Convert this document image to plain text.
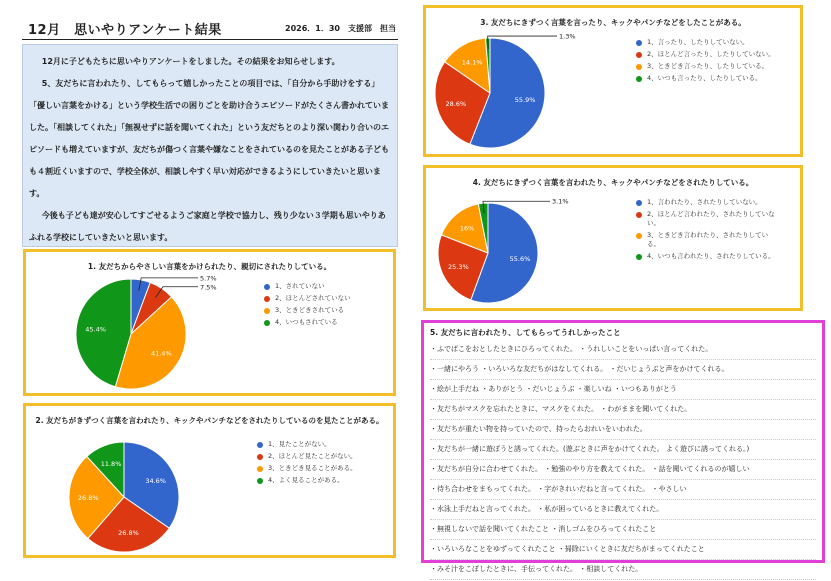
12月　思いやりアンケート結果	2026．1．30　支援部　担当

12月に子どもたちに思いやりアンケートをしました。その結果をお知らせします。

5、友だちに言われたり、してもらって嬉しかったことの項目では、「自分から手助けをする」「優しい言葉をかける」という学校生活での困りごとを助け合うエピソードがたくさん書かれていました。「相談してくれた」「無視せずに話を聞いてくれた」という友だちとのより深い関わり合いのエピソードも増えていますが、友だちが傷つく言葉や嫌なことをされているのを見たことがある子どもも４割近くいますので、学校全体が、相談しやすく早い対応ができるようにしていきたいと思います。

今後も子ども達が安心してすごせるようご家庭と学校で協力し、残り少ない３学期も思いやりあふれる学校にしていきたいと思います。

3. 友だちにきずつく言葉を言ったり、キックやパンチなどをしたことがある。
55.9%
28.6%
14.1%
1.3%
1、言ったり、したりしていない。
2、ほとんど言ったり、したりしていない。
3、ときどき言ったり、したりしている。
4、いつも言ったり、したりしている。
4. 友だちにきずつく言葉を言われたり、キックやパンチなどをされたりしている。
55.6%
25.3%
16%
3.1%	1、言われたり、されたりしていない。
2、ほとんど言われたり、されたりしていない。
3、ときどき言われたり、されたりしている。
4、いつも言われたり、されたりしている。
1. 友だちからやさしい言葉をかけられたり、親切にされたりしている。
5.7%
7.5%
41.4%
45.4%
1、されていない
2、ほとんどされていない
3、ときどきされている
4、いつもされている
2. 友だちがきずつく言葉を言われたり、キックやパンチなどをされたりしているのを見たことがある。
34.6%
26.8%
26.8%
11.8%
1、見たことがない。
2、ほとんど見たことがない。
3、ときどき見ることがある。
4、よく見ることがある。
5. 友だちに言われたり、してもらってうれしかったこと
・ふでばこをおとしたときにひろってくれた。 ・うれしいことをいっぱい言ってくれた。
・一緒にやろう ・いろいろな友だちがはなしてくれる。 ・だいじょうぶと声をかけてくれる。
・絵が上手だね ・ありがとう ・だいじょうぶ ・楽しいね ・いつもありがとう
・友だちがマスクを忘れたときに、マスクをくれた。 ・わがままを聞いてくれた。
・友だちが重たい物を持っていたので、持ったらおれいをいわれた。
・友だちが一緒に遊ぼうと誘ってくれた。(遊ぶときに声をかけてくれた。 よく遊びに誘ってくれる。)
・友だちが自分に合わせてくれた。 ・勉強のやり方を教えてくれた。 ・話を聞いてくれるのが嬉しい
・待ち合わせをまもってくれた。 ・字がきれいだねと言ってくれた。 ・やさしい
・水泳上手だねと言ってくれた。 ・私が困っているときに教えてくれた。
・無視しないで話を聞いてくれたこと ・消しゴムをひろってくれたこと
・いろいろなことをゆずってくれたこと ・掃除にいくときに友だちがまってくれたこと
・みそ汁をこぼしたときに、手伝ってくれた。 ・相談してくれた。
